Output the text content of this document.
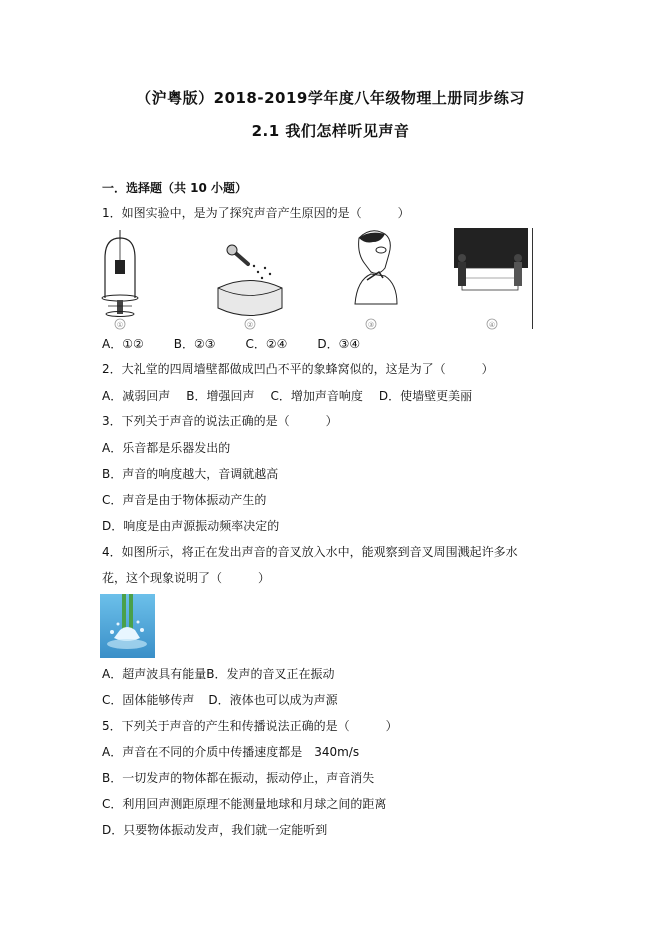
（沪粤版）2018-2019学年度八年级物理上册同步练习
2.1 我们怎样听见声音
一．选择题（共 10 小题）
1．如图实验中，是为了探究声音产生原因的是（　　　）
①	②	③	④
A．①②	B．②③	C．②④	D．③④
2．大礼堂的四周墙壁都做成凹凸不平的象蜂窝似的，这是为了（　　　）
A．减弱回声 B．增强回声 C．增加声音响度 D．使墙壁更美丽
3．下列关于声音的说法正确的是（　　　）
A．乐音都是乐器发出的
B．声音的响度越大，音调就越高
C．声音是由于物体振动产生的
D．响度是由声源振动频率决定的
4．如图所示，将正在发出声音的音叉放入水中，能观察到音叉周围溅起许多水
花，这个现象说明了（　　　）
A．超声波具有能量B．发声的音叉正在振动
C．固体能够传声 D．液体也可以成为声源
5．下列关于声音的产生和传播说法正确的是（　　　）
A．声音在不同的介质中传播速度都是　340m/s
B．一切发声的物体都在振动，振动停止，声音消失
C．利用回声测距原理不能测量地球和月球之间的距离
D．只要物体振动发声，我们就一定能听到
